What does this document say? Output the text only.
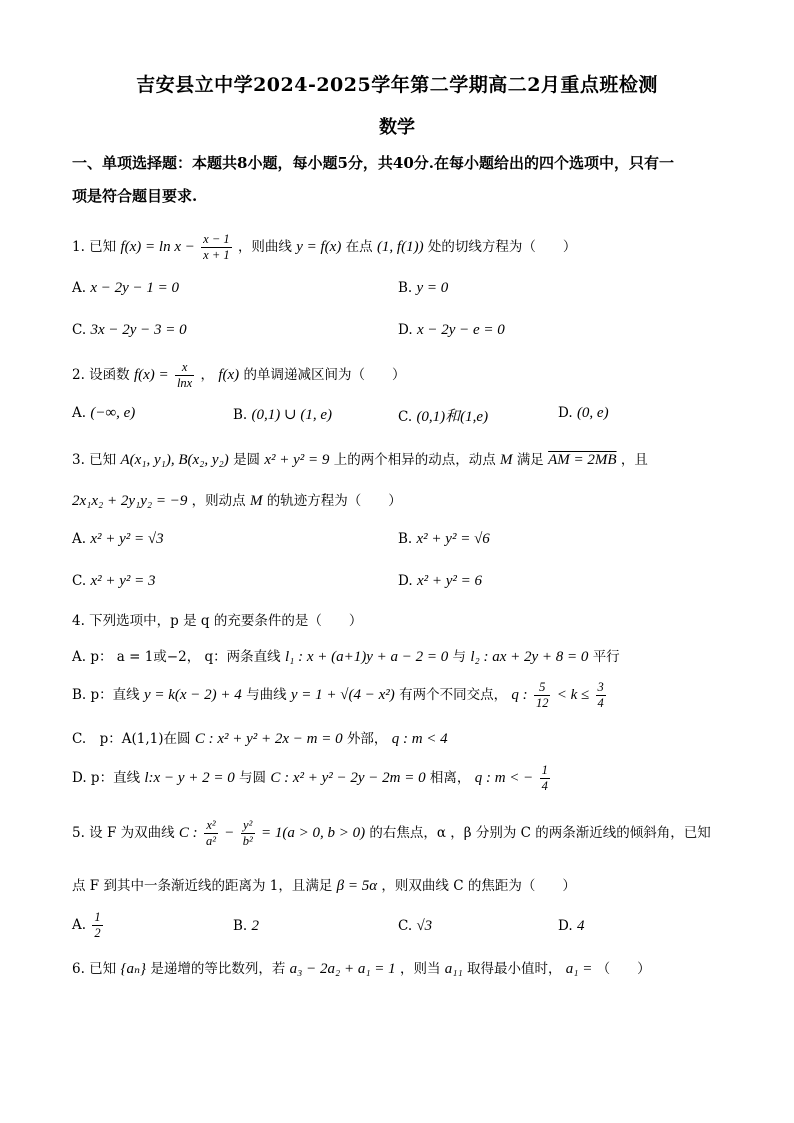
吉安县立中学2024-2025学年第二学期高二2月重点班检测
数学
一、单项选择题：本题共8小题，每小题5分，共40分.在每小题给出的四个选项中，只有一
项是符合题目要求.
1. 已知 $f(x) = \ln x - \frac{x - 1}{x + 1}$ ，则曲线 y = f(x) 在点 (1, f(1)) 处的切线方程为（　　）
A. x − 2y − 1 = 0	B. y = 0
C. 3x − 2y − 3 = 0	D. x − 2y − e = 0
2. 设函数 $f(x) = \frac{x}{\ln x}$ ， f(x) 的单调递减区间为（　　）
A. (−∞, e)	B. (0,1) ∪ (1, e)	C. (0,1)和(1,e)	D. (0, e)
3. 已知 A(x₁, y₁), B(x₂, y₂) 是圆 x² + y² = 9 上的两个相异的动点，动点 M 满足 AM = 2MB ，且
2x₁x₂ + 2y₁y₂ = −9 ，则动点 M 的轨迹方程为（　　）
A. x² + y² = √3	B. x² + y² = √6
C. x² + y² = 3	D. x² + y² = 6
4. 下列选项中，p 是 q 的充要条件的是（　　）
A. p： a = 1或−2， q：两条直线 l₁ : x + (a+1)y + a − 2 = 0 与 l₂ : ax + 2y + 8 = 0 平行
B. p：直线 y = k(x − 2) + 4 与曲线 y = 1 + √(4 − x²) 有两个不同交点， q : $\frac{5}{12} < k \le \frac{3}{4}$
C.　p：A(1,1)在圆 C : x² + y² + 2x − m = 0 外部， q : m < 4
D. p：直线 l:x − y + 2 = 0 与圆 C : x² + y² − 2y − 2m = 0 相离， q : m < − $\frac{1}{4}$
5. 设 F 为双曲线 C : $\frac{\text{x²}}{\text{a²}} - \frac{\text{y²}}{\text{b²}} = 1(a > 0$, b > 0) 的右焦点，α ，β 分别为 C 的两条渐近线的倾斜角，已知
点 F 到其中一条渐近线的距离为 1，且满足 β = 5α ，则双曲线 C 的焦距为（　　）
A. $\frac{1}{2}$	B. 2	C. √3	D. 4
6. 已知 {aₙ} 是递增的等比数列，若 a₃ − 2a₂ + a₁ = 1 ，则当 a₁₁ 取得最小值时， a₁ = （　　）
